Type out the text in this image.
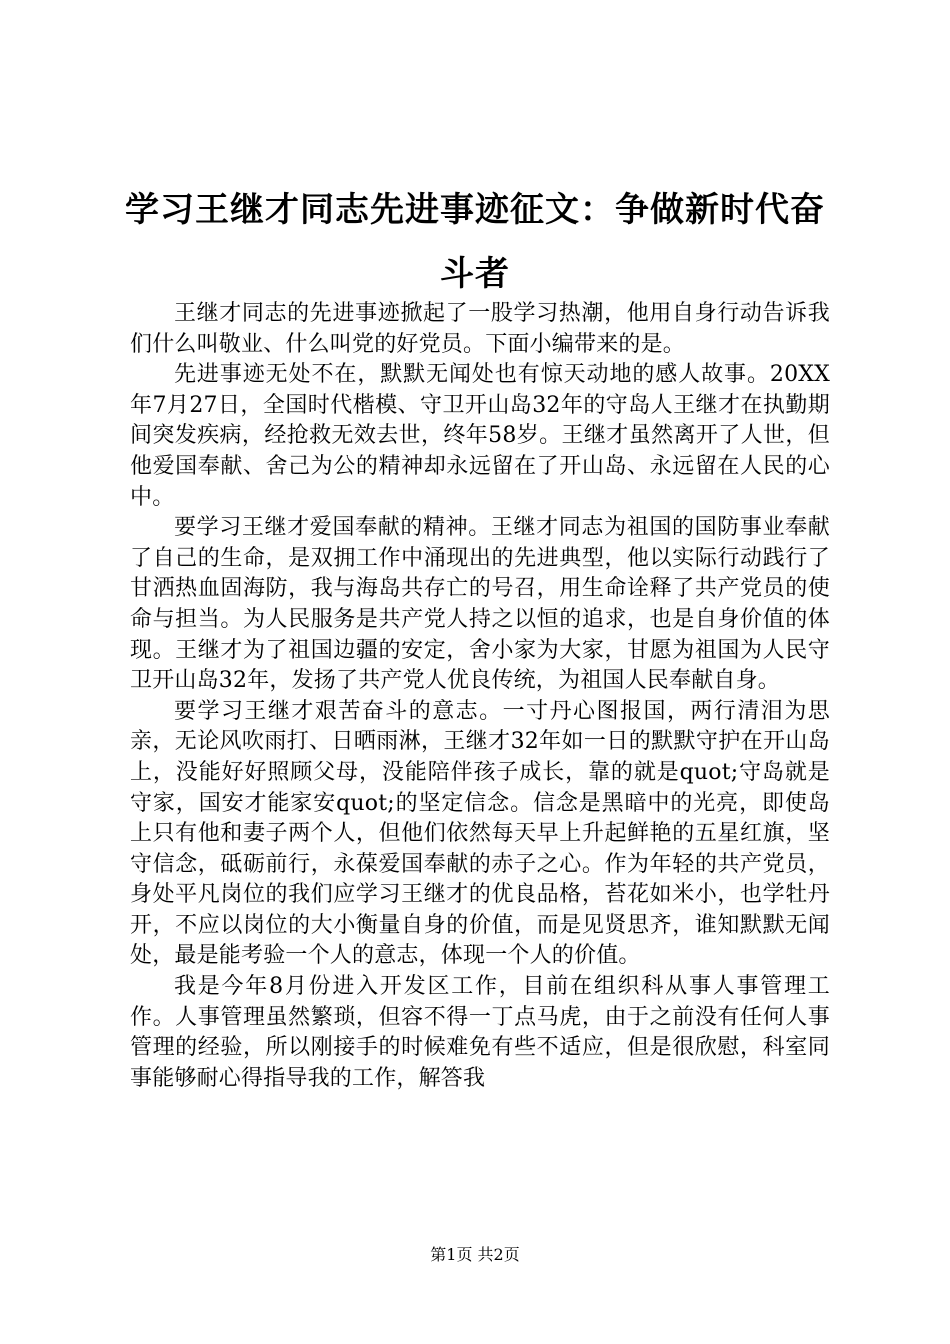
学习王继才同志先进事迹征文：争做新时代奋斗者

王继才同志的先进事迹掀起了一股学习热潮，他用自身行动告诉我们什么叫敬业、什么叫党的好党员。下面小编带来的是。

先进事迹无处不在，默默无闻处也有惊天动地的感人故事。20XX年7月27日，全国时代楷模、守卫开山岛32年的守岛人王继才在执勤期间突发疾病，经抢救无效去世，终年58岁。王继才虽然离开了人世，但他爱国奉献、舍己为公的精神却永远留在了开山岛、永远留在人民的心中。

要学习王继才爱国奉献的精神。王继才同志为祖国的国防事业奉献了自己的生命，是双拥工作中涌现出的先进典型，他以实际行动践行了甘洒热血固海防，我与海岛共存亡的号召，用生命诠释了共产党员的使命与担当。为人民服务是共产党人持之以恒的追求，也是自身价值的体现。王继才为了祖国边疆的安定，舍小家为大家，甘愿为祖国为人民守卫开山岛32年，发扬了共产党人优良传统，为祖国人民奉献自身。

要学习王继才艰苦奋斗的意志。一寸丹心图报国，两行清泪为思亲，无论风吹雨打、日晒雨淋，王继才32年如一日的默默守护在开山岛上，没能好好照顾父母，没能陪伴孩子成长，靠的就是quot;守岛就是守家，国安才能家安quot;的坚定信念。信念是黑暗中的光亮，即使岛上只有他和妻子两个人，但他们依然每天早上升起鲜艳的五星红旗，坚守信念，砥砺前行，永葆爱国奉献的赤子之心。作为年轻的共产党员，身处平凡岗位的我们应学习王继才的优良品格，苔花如米小，也学牡丹开，不应以岗位的大小衡量自身的价值，而是见贤思齐，谁知默默无闻处，最是能考验一个人的意志，体现一个人的价值。

我是今年8月份进入开发区工作，目前在组织科从事人事管理工作。人事管理虽然繁琐，但容不得一丁点马虎，由于之前没有任何人事管理的经验，所以刚接手的时候难免有些不适应，但是很欣慰，科室同事能够耐心得指导我的工作，解答我

第1页 共2页
